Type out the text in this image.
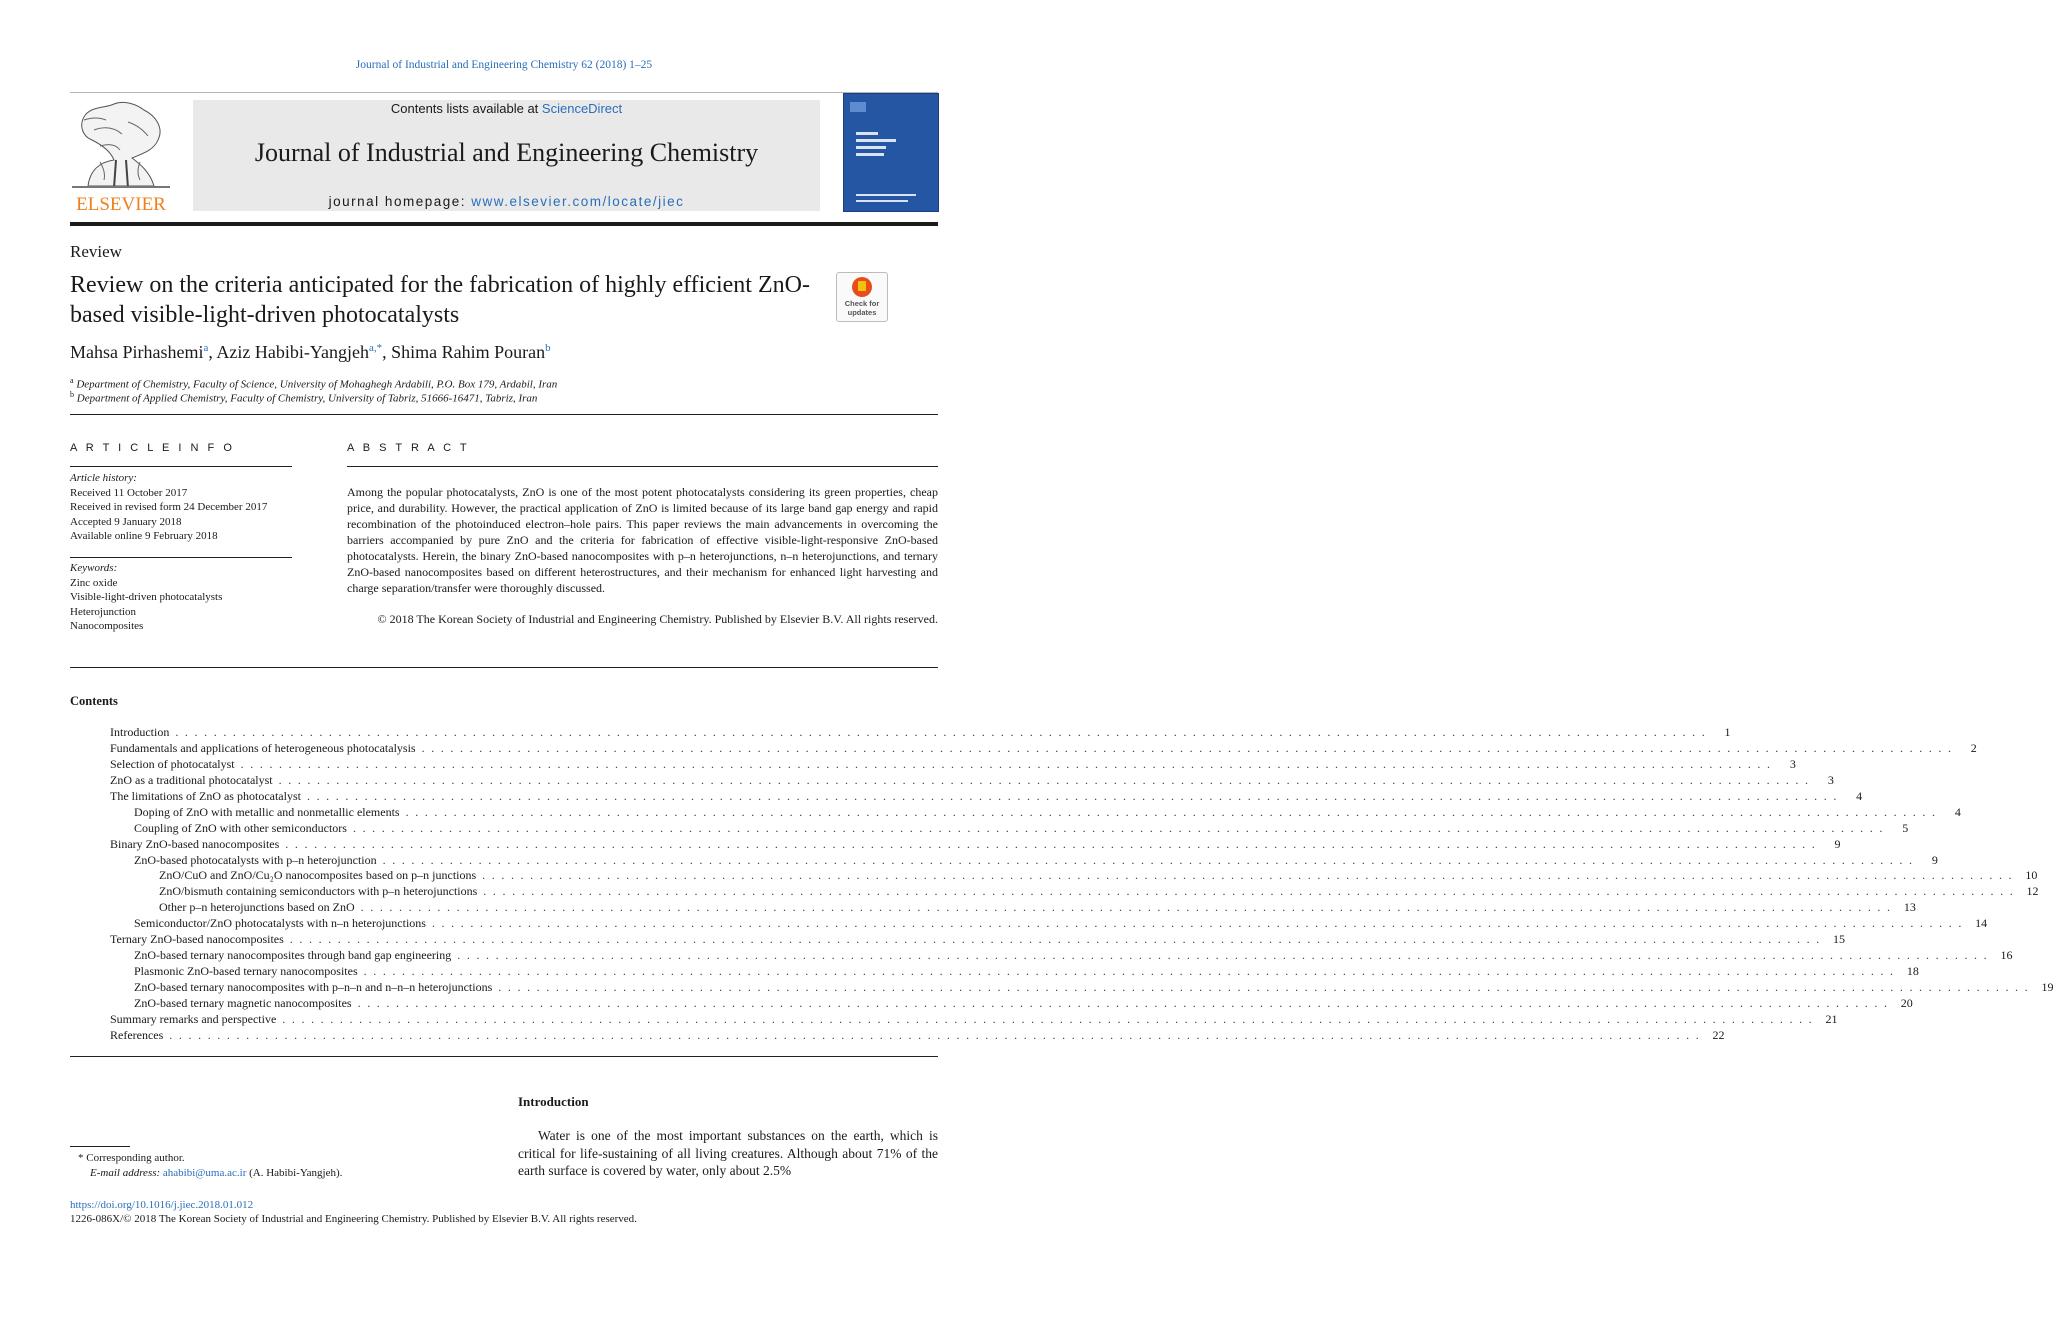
Journal of Industrial and Engineering Chemistry 62 (2018) 1–25
ELSEVIER
Contents lists available at ScienceDirect
Journal of Industrial and Engineering Chemistry
journal homepage: www.elsevier.com/locate/jiec
Review
Review on the criteria anticipated for the fabrication of highly efficient ZnO-based visible-light-driven photocatalysts	Check for updates
Mahsa Pirhashemi$^a$, Aziz Habibi-Yangjeh$^{a,*}$, Shima Rahim Pouran$^b$
$^a$ Department of Chemistry, Faculty of Science, University of Mohaghegh Ardabili, P.O. Box 179, Ardabil, Iran
$^b$ Department of Applied Chemistry, Faculty of Chemistry, University of Tabriz, 51666-16471, Tabriz, Iran
A R T I C L E I N F O	A B S T R A C T
Article history:
Received 11 October 2017
Received in revised form 24 December 2017
Accepted 9 January 2018
Available online 9 February 2018
Keywords:
Zinc oxide
Visible-light-driven photocatalysts
Heterojunction
Nanocomposites
Among the popular photocatalysts, ZnO is one of the most potent photocatalysts considering its green properties, cheap price, and durability. However, the practical application of ZnO is limited because of its large band gap energy and rapid recombination of the photoinduced electron–hole pairs. This paper reviews the main advancements in overcoming the barriers accompanied by pure ZnO and the criteria for fabrication of effective visible-light-responsive ZnO-based photocatalysts. Herein, the binary ZnO-based nanocomposites with p–n heterojunctions, n–n heterojunctions, and ternary ZnO-based nanocomposites based on different heterostructures, and their mechanism for enhanced light harvesting and charge separation/transfer were thoroughly discussed.
© 2018 The Korean Society of Industrial and Engineering Chemistry. Published by Elsevier B.V. All rights reserved.
Contents
Introduction . . . . . . . . . . . . . . . . . . . . . . . . . . . . . . . . . . . . . . . . . . . . . . . . . . . . . . . . . . . . . . . . . . . . . . . . . . . . . . . . . . . . . . . . . . . . . . . . . . . . . . . . . . . . . . . . . . . . . . . . . . . . . . . . . . . . . . . . . . . . . . . . . . . . . . . . . . . . . . . .	1
Fundamentals and applications of heterogeneous photocatalysis . . . . . . . . . . . . . . . . . . . . . . . . . . . . . . . . . . . . . . . . . . . . . . . . . . . . . . . . . . . . . . . . . . . . . . . . . . . . . . . . . . . . . . . . . . . . . . . . . . . . . . . . . . . . . . . . . . . . . . . . . . . . . . . . . . . . . . . . . . . . . . . . . . . . . . . . . . . . . . . .	2
Selection of photocatalyst . . . . . . . . . . . . . . . . . . . . . . . . . . . . . . . . . . . . . . . . . . . . . . . . . . . . . . . . . . . . . . . . . . . . . . . . . . . . . . . . . . . . . . . . . . . . . . . . . . . . . . . . . . . . . . . . . . . . . . . . . . . . . . . . . . . . . . . . . . . . . . . . . . . . . . . . . . . . . . . .	3
ZnO as a traditional photocatalyst . . . . . . . . . . . . . . . . . . . . . . . . . . . . . . . . . . . . . . . . . . . . . . . . . . . . . . . . . . . . . . . . . . . . . . . . . . . . . . . . . . . . . . . . . . . . . . . . . . . . . . . . . . . . . . . . . . . . . . . . . . . . . . . . . . . . . . . . . . . . . . . . . . . . . . . . . . . . . . . .	3
The limitations of ZnO as photocatalyst . . . . . . . . . . . . . . . . . . . . . . . . . . . . . . . . . . . . . . . . . . . . . . . . . . . . . . . . . . . . . . . . . . . . . . . . . . . . . . . . . . . . . . . . . . . . . . . . . . . . . . . . . . . . . . . . . . . . . . . . . . . . . . . . . . . . . . . . . . . . . . . . . . . . . . . . . . . . . . . .	4
Doping of ZnO with metallic and nonmetallic elements . . . . . . . . . . . . . . . . . . . . . . . . . . . . . . . . . . . . . . . . . . . . . . . . . . . . . . . . . . . . . . . . . . . . . . . . . . . . . . . . . . . . . . . . . . . . . . . . . . . . . . . . . . . . . . . . . . . . . . . . . . . . . . . . . . . . . . . . . . . . . . . . . . . . . . . . . . . . . . . .	4
Coupling of ZnO with other semiconductors . . . . . . . . . . . . . . . . . . . . . . . . . . . . . . . . . . . . . . . . . . . . . . . . . . . . . . . . . . . . . . . . . . . . . . . . . . . . . . . . . . . . . . . . . . . . . . . . . . . . . . . . . . . . . . . . . . . . . . . . . . . . . . . . . . . . . . . . . . . . . . . . . . . . . . . . . . . . . . . .	5
Binary ZnO-based nanocomposites . . . . . . . . . . . . . . . . . . . . . . . . . . . . . . . . . . . . . . . . . . . . . . . . . . . . . . . . . . . . . . . . . . . . . . . . . . . . . . . . . . . . . . . . . . . . . . . . . . . . . . . . . . . . . . . . . . . . . . . . . . . . . . . . . . . . . . . . . . . . . . . . . . . . . . . . . . . . . . . .	9
ZnO-based photocatalysts with p–n heterojunction . . . . . . . . . . . . . . . . . . . . . . . . . . . . . . . . . . . . . . . . . . . . . . . . . . . . . . . . . . . . . . . . . . . . . . . . . . . . . . . . . . . . . . . . . . . . . . . . . . . . . . . . . . . . . . . . . . . . . . . . . . . . . . . . . . . . . . . . . . . . . . . . . . . . . . . . . . . . . . . .	9
ZnO/CuO and ZnO/Cu₂O nanocomposites based on p–n junctions . . . . . . . . . . . . . . . . . . . . . . . . . . . . . . . . . . . . . . . . . . . . . . . . . . . . . . . . . . . . . . . . . . . . . . . . . . . . . . . . . . . . . . . . . . . . . . . . . . . . . . . . . . . . . . . . . . . . . . . . . . . . . . . . . . . . . . . . . . . . . . . . . . . . . . . . . . . . . . . .	10
ZnO/bismuth containing semiconductors with p–n heterojunctions . . . . . . . . . . . . . . . . . . . . . . . . . . . . . . . . . . . . . . . . . . . . . . . . . . . . . . . . . . . . . . . . . . . . . . . . . . . . . . . . . . . . . . . . . . . . . . . . . . . . . . . . . . . . . . . . . . . . . . . . . . . . . . . . . . . . . . . . . . . . . . . . . . . . . . . . . . . . . . . .	12
Other p–n heterojunctions based on ZnO . . . . . . . . . . . . . . . . . . . . . . . . . . . . . . . . . . . . . . . . . . . . . . . . . . . . . . . . . . . . . . . . . . . . . . . . . . . . . . . . . . . . . . . . . . . . . . . . . . . . . . . . . . . . . . . . . . . . . . . . . . . . . . . . . . . . . . . . . . . . . . . . . . . . . . . . . . . . . . . .	13
Semiconductor/ZnO photocatalysts with n–n heterojunctions . . . . . . . . . . . . . . . . . . . . . . . . . . . . . . . . . . . . . . . . . . . . . . . . . . . . . . . . . . . . . . . . . . . . . . . . . . . . . . . . . . . . . . . . . . . . . . . . . . . . . . . . . . . . . . . . . . . . . . . . . . . . . . . . . . . . . . . . . . . . . . . . . . . . . . . . . . . . . . . .	14
Ternary ZnO-based nanocomposites . . . . . . . . . . . . . . . . . . . . . . . . . . . . . . . . . . . . . . . . . . . . . . . . . . . . . . . . . . . . . . . . . . . . . . . . . . . . . . . . . . . . . . . . . . . . . . . . . . . . . . . . . . . . . . . . . . . . . . . . . . . . . . . . . . . . . . . . . . . . . . . . . . . . . . . . . . . . . . . .	15
ZnO-based ternary nanocomposites through band gap engineering . . . . . . . . . . . . . . . . . . . . . . . . . . . . . . . . . . . . . . . . . . . . . . . . . . . . . . . . . . . . . . . . . . . . . . . . . . . . . . . . . . . . . . . . . . . . . . . . . . . . . . . . . . . . . . . . . . . . . . . . . . . . . . . . . . . . . . . . . . . . . . . . . . . . . . . . . . . . . . . .	16
Plasmonic ZnO-based ternary nanocomposites . . . . . . . . . . . . . . . . . . . . . . . . . . . . . . . . . . . . . . . . . . . . . . . . . . . . . . . . . . . . . . . . . . . . . . . . . . . . . . . . . . . . . . . . . . . . . . . . . . . . . . . . . . . . . . . . . . . . . . . . . . . . . . . . . . . . . . . . . . . . . . . . . . . . . . . . . . . . . . . .	18
ZnO-based ternary nanocomposites with p–n–n and n–n–n heterojunctions . . . . . . . . . . . . . . . . . . . . . . . . . . . . . . . . . . . . . . . . . . . . . . . . . . . . . . . . . . . . . . . . . . . . . . . . . . . . . . . . . . . . . . . . . . . . . . . . . . . . . . . . . . . . . . . . . . . . . . . . . . . . . . . . . . . . . . . . . . . . . . . . . . . . . . . . . . . . . . . .	19
ZnO-based ternary magnetic nanocomposites . . . . . . . . . . . . . . . . . . . . . . . . . . . . . . . . . . . . . . . . . . . . . . . . . . . . . . . . . . . . . . . . . . . . . . . . . . . . . . . . . . . . . . . . . . . . . . . . . . . . . . . . . . . . . . . . . . . . . . . . . . . . . . . . . . . . . . . . . . . . . . . . . . . . . . . . . . . . . . . .	20
Summary remarks and perspective . . . . . . . . . . . . . . . . . . . . . . . . . . . . . . . . . . . . . . . . . . . . . . . . . . . . . . . . . . . . . . . . . . . . . . . . . . . . . . . . . . . . . . . . . . . . . . . . . . . . . . . . . . . . . . . . . . . . . . . . . . . . . . . . . . . . . . . . . . . . . . . . . . . . . . . . . . . . . . . .	21
References . . . . . . . . . . . . . . . . . . . . . . . . . . . . . . . . . . . . . . . . . . . . . . . . . . . . . . . . . . . . . . . . . . . . . . . . . . . . . . . . . . . . . . . . . . . . . . . . . . . . . . . . . . . . . . . . . . . . . . . . . . . . . . . . . . . . . . . . . . . . . . . . . . . . . . . . . . . . . . . .	22
Introduction
Water is one of the most important substances on the earth, which is critical for life-sustaining of all living creatures. Although about 71% of the earth surface is covered by water, only about 2.5%
* Corresponding author.
E-mail address: ahabibi@uma.ac.ir (A. Habibi-Yangjeh).
https://doi.org/10.1016/j.jiec.2018.01.012
1226-086X/© 2018 The Korean Society of Industrial and Engineering Chemistry. Published by Elsevier B.V. All rights reserved.
